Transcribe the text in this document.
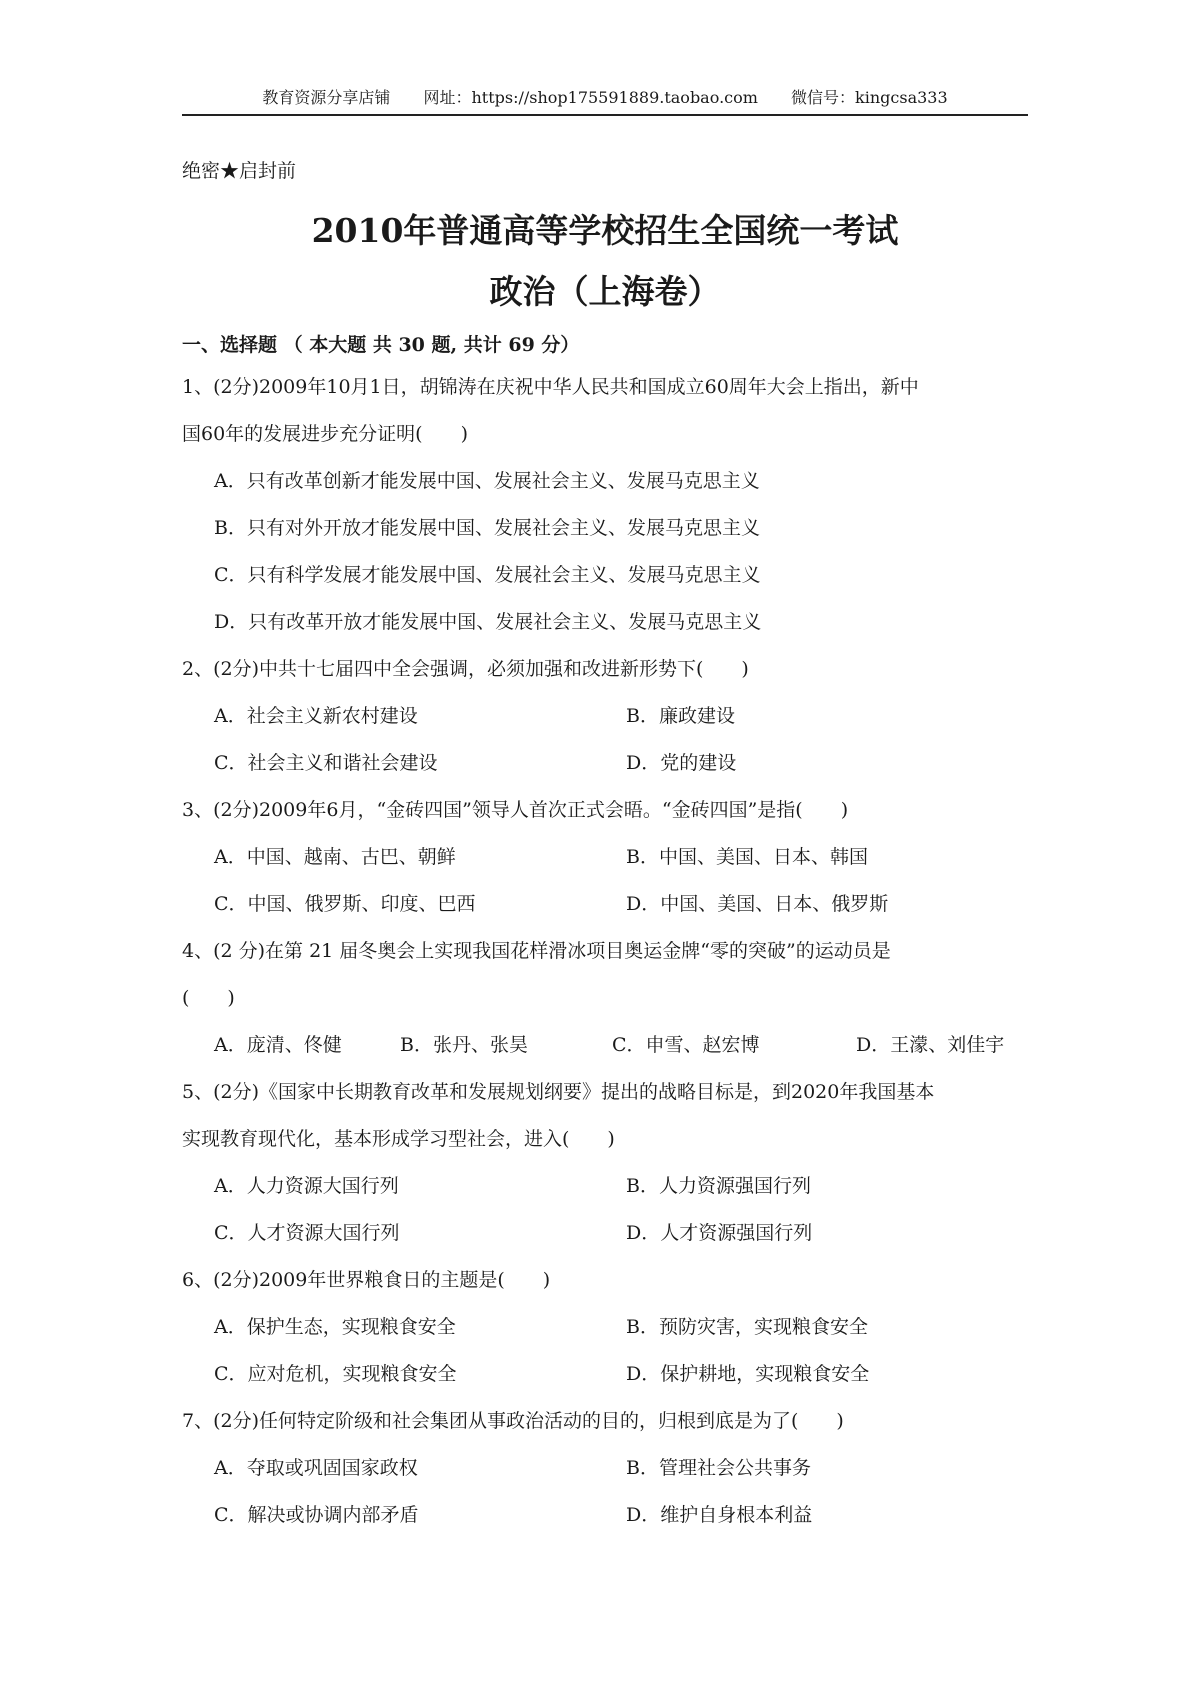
教育资源分享店铺 网址：https://shop175591889.taobao.com 微信号：kingcsa333
绝密★启封前
2010年普通高等学校招生全国统一考试
政治（上海卷）
一、选择题 （ 本大题 共 30 题, 共计 69 分）

1、(2分)2009年10月1日，胡锦涛在庆祝中华人民共和国成立60周年大会上指出，新中

国60年的发展进步充分证明(　　)

A．只有改革创新才能发展中国、发展社会主义、发展马克思主义
B．只有对外开放才能发展中国、发展社会主义、发展马克思主义
C．只有科学发展才能发展中国、发展社会主义、发展马克思主义
D．只有改革开放才能发展中国、发展社会主义、发展马克思主义

2、(2分)中共十七届四中全会强调，必须加强和改进新形势下(　　)

A．社会主义新农村建设	B．廉政建设
C．社会主义和谐社会建设	D．党的建设

3、(2分)2009年6月，“金砖四国”领导人首次正式会晤。“金砖四国”是指(　　)

A．中国、越南、古巴、朝鲜	B．中国、美国、日本、韩国
C．中国、俄罗斯、印度、巴西	D．中国、美国、日本、俄罗斯

4、(2 分)在第 21 届冬奥会上实现我国花样滑冰项目奥运金牌“零的突破”的运动员是

(　　)

A．庞清、佟健	B．张丹、张昊	C．申雪、赵宏博	D．王濛、刘佳宇

5、(2分)《国家中长期教育改革和发展规划纲要》提出的战略目标是，到2020年我国基本

实现教育现代化，基本形成学习型社会，进入(　　)

A．人力资源大国行列	B．人力资源强国行列
C．人才资源大国行列	D．人才资源强国行列

6、(2分)2009年世界粮食日的主题是(　　)

A．保护生态，实现粮食安全	B．预防灾害，实现粮食安全
C．应对危机，实现粮食安全	D．保护耕地，实现粮食安全

7、(2分)任何特定阶级和社会集团从事政治活动的目的，归根到底是为了(　　)

A．夺取或巩固国家政权	B．管理社会公共事务
C．解决或协调内部矛盾	D．维护自身根本利益
